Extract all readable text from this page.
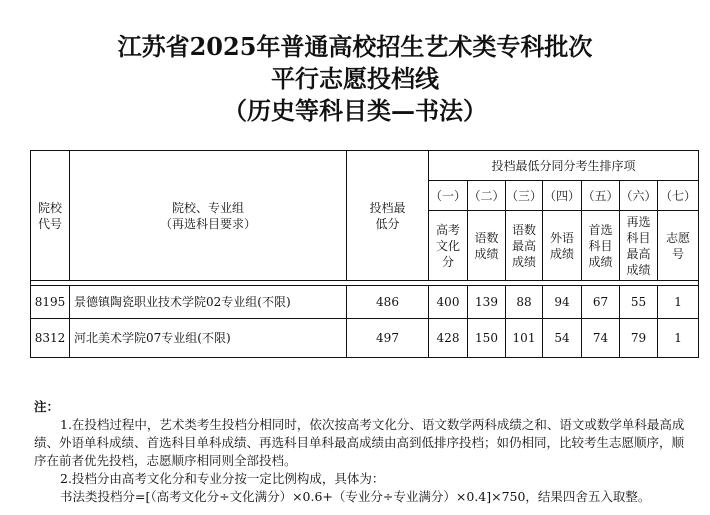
江苏省2025年普通高校招生艺术类专科批次
平行志愿投档线
（历史等科目类—书法）
院校代号	院校、专业组
（再选科目要求）	投档最低分	投档最低分同分考生排序项						
			（一）	（二）	（三）	（四）	（五）	（六）	（七）

			高考文化分	语数成绩	语数最高成绩	外语成绩	首选科目成绩	再选科目最高成绩	志愿号

8195	景德镇陶瓷职业技术学院02专业组(不限)	486	400	139	88	94	67	55	1
8312	河北美术学院07专业组(不限)	497	428	150	101	54	74	79	1

注：

1.在投档过程中，艺术类考生投档分相同时，依次按高考文化分、语文数学两科成绩之和、语文或数学单科最高成绩、外语单科成绩、首选科目单科成绩、再选科目单科最高成绩由高到低排序投档；如仍相同，比较考生志愿顺序，顺序在前者优先投档，志愿顺序相同则全部投档。

2.投档分由高考文化分和专业分按一定比例构成，具体为：

书法类投档分=[（高考文化分÷文化满分）×0.6+（专业分÷专业满分）×0.4]×750，结果四舍五入取整。
